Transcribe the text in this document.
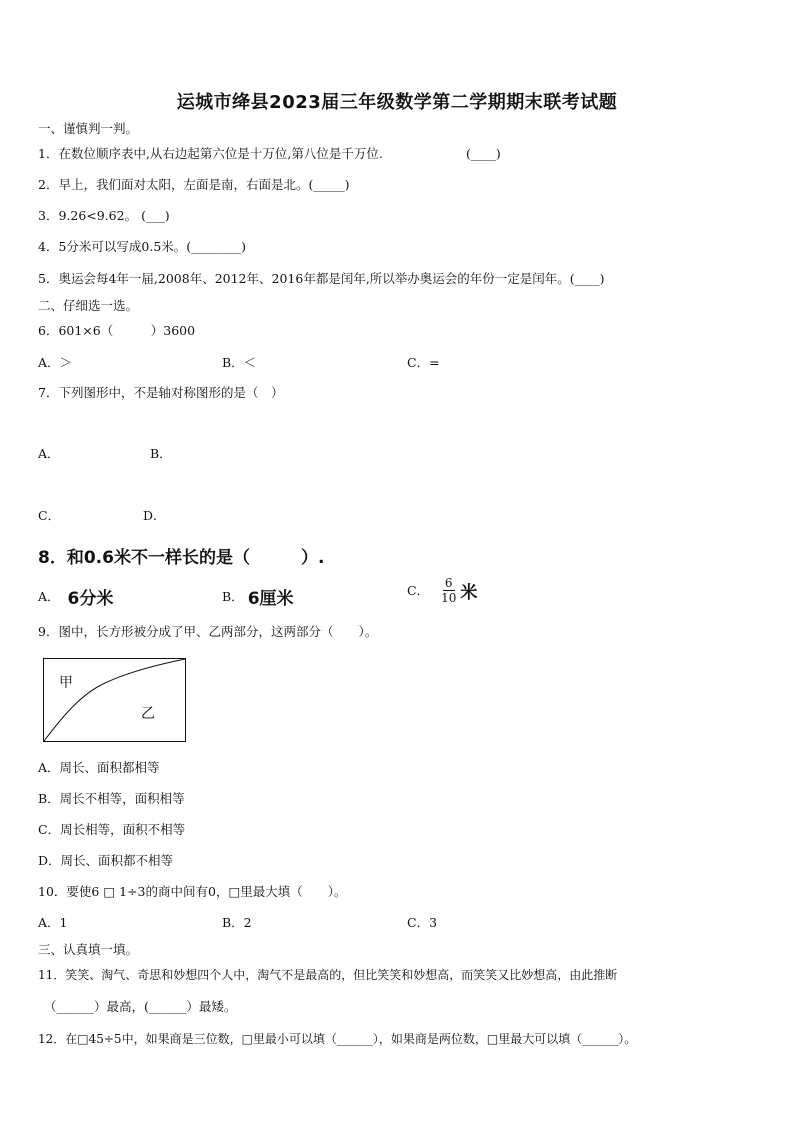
运城市绛县2023届三年级数学第二学期期末联考试题
一、谨慎判一判。
1．在数位顺序表中,从右边起第六位是十万位,第八位是千万位.	(____)
2．早上，我们面对太阳，左面是南，右面是北。(_____)
3．9.26<9.62。 (___)
4．5分米可以写成0.5米。(________)
5．奥运会每4年一届,2008年、2012年、2016年都是闰年,所以举办奥运会的年份一定是闰年。(____)
二、仔细选一选。
6．601×6（　　　）3600
A．＞	B．＜	C．=
7．下列图形中，不是轴对称图形的是（　）
A．	B．
C．	D．
8．和0.6米不一样长的是（　　　）.
A． 6分米	B． 6厘米	C． $\frac{6}{10}$ 米
9．图中，长方形被分成了甲、乙两部分，这两部分（　　）。
甲
乙
A．周长、面积都相等
B．周长不相等，面积相等
C．周长相等，面积不相等
D．周长、面积都不相等
10．要使6 □ 1÷3的商中间有0，□里最大填（　　）。
A．1	B．2	C．3
三、认真填一填。
11．笑笑、淘气、奇思和妙想四个人中，淘气不是最高的，但比笑笑和妙想高，而笑笑又比妙想高，由此推断
（______）最高，(______）最矮。
12．在□45÷5中，如果商是三位数，□里最小可以填（______），如果商是两位数，□里最大可以填（______）。
